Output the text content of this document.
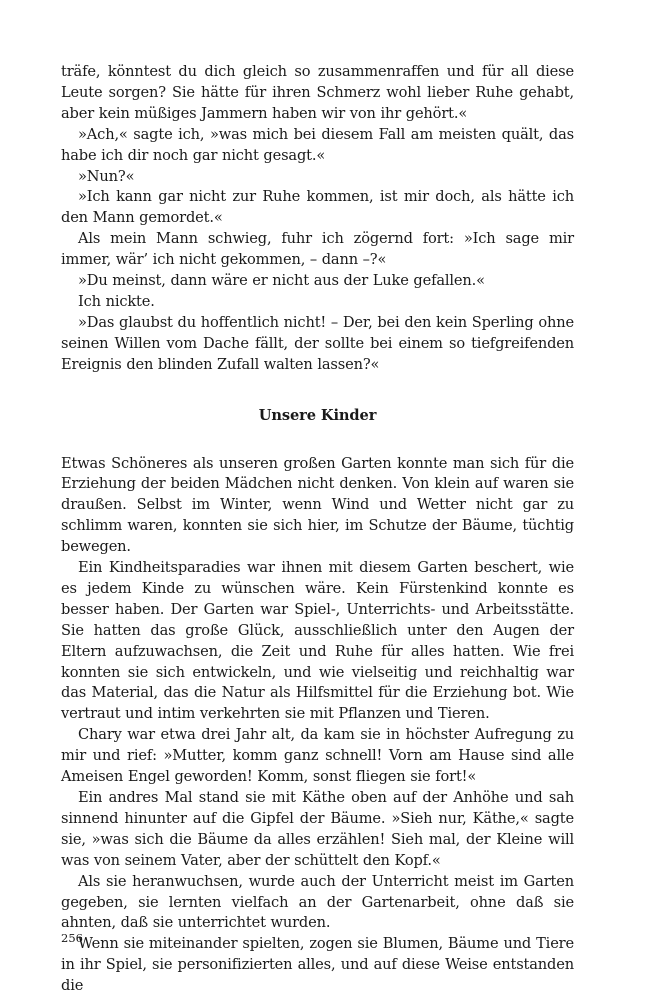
träfe, könntest du dich gleich so zusammenraffen und für all diese Leute sorgen? Sie hätte für ihren Schmerz wohl lieber Ruhe gehabt, aber kein müßiges Jammern haben wir von ihr gehört.«

»Ach,« sagte ich, »was mich bei diesem Fall am meisten quält, das habe ich dir noch gar nicht gesagt.«

»Nun?«

»Ich kann gar nicht zur Ruhe kommen, ist mir doch, als hätte ich den Mann gemordet.«

Als mein Mann schwieg, fuhr ich zögernd fort: »Ich sage mir immer, wär’ ich nicht gekommen, – dann –?«

»Du meinst, dann wäre er nicht aus der Luke gefallen.«

Ich nickte.

»Das glaubst du hoffentlich nicht! – Der, bei den kein Sperling ohne seinen Willen vom Dache fällt, der sollte bei einem so tiefgreifenden Ereignis den blinden Zufall walten lassen?«

Unsere Kinder

Etwas Schöneres als unseren großen Garten konnte man sich für die Erziehung der beiden Mädchen nicht denken. Von klein auf waren sie draußen. Selbst im Winter, wenn Wind und Wetter nicht gar zu schlimm waren, konnten sie sich hier, im Schutze der Bäume, tüchtig bewegen.

Ein Kindheitsparadies war ihnen mit diesem Garten beschert, wie es jedem Kinde zu wünschen wäre. Kein Fürstenkind konnte es besser haben. Der Garten war Spiel-, Unterrichts- und Arbeitsstätte. Sie hatten das große Glück, ausschließlich unter den Augen der Eltern aufzuwachsen, die Zeit und Ruhe für alles hatten. Wie frei konnten sie sich entwickeln, und wie vielseitig und reichhaltig war das Material, das die Natur als Hilfsmittel für die Erziehung bot. Wie vertraut und intim verkehrten sie mit Pflanzen und Tieren.

Chary war etwa drei Jahr alt, da kam sie in höchster Aufregung zu mir und rief: »Mutter, komm ganz schnell! Vorn am Hause sind alle Ameisen Engel geworden! Komm, sonst fliegen sie fort!«

Ein andres Mal stand sie mit Käthe oben auf der Anhöhe und sah sinnend hinunter auf die Gipfel der Bäume. »Sieh nur, Käthe,« sagte sie, »was sich die Bäume da alles erzählen! Sieh mal, der Kleine will was von seinem Vater, aber der schüttelt den Kopf.«

Als sie heranwuchsen, wurde auch der Unterricht meist im Garten gegeben, sie lernten vielfach an der Gartenarbeit, ohne daß sie ahnten, daß sie unterrichtet wurden.

Wenn sie miteinander spielten, zogen sie Blumen, Bäume und Tiere in ihr Spiel, sie personifizierten alles, und auf diese Weise entstanden die

256
